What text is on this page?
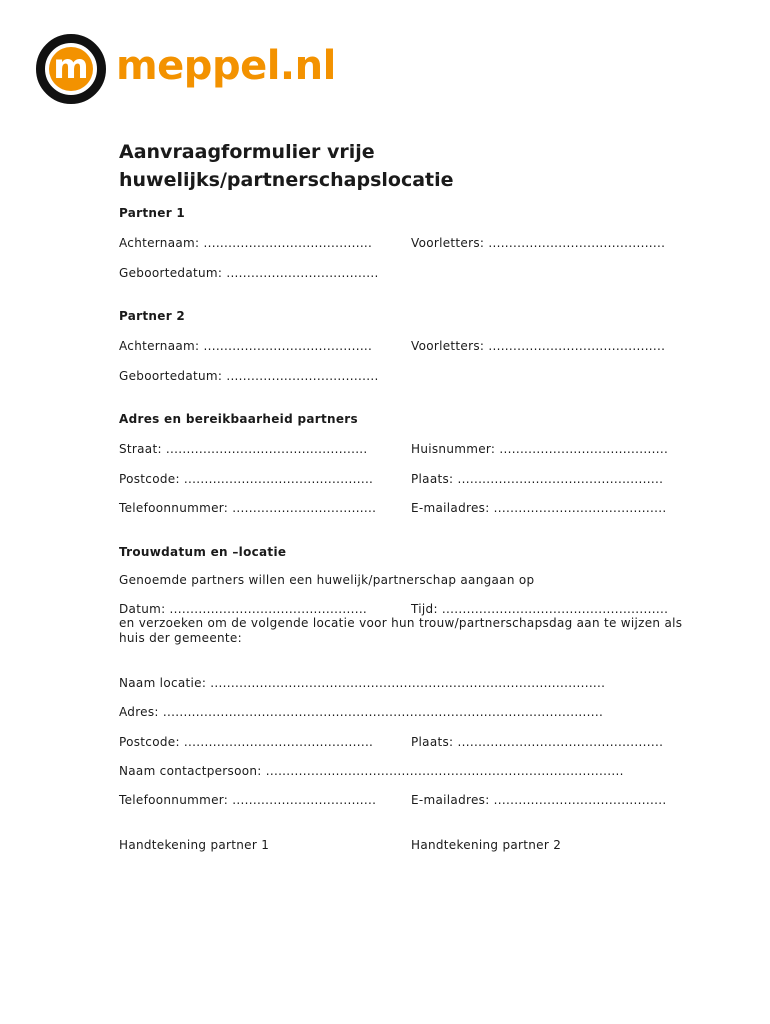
m meppel.nl
Aanvraagformulier vrije
huwelijks/partnerschapslocatie
Partner 1
Achternaam: .........................................	Voorletters: ...........................................
Geboortedatum: .....................................
Partner 2
Achternaam: .........................................	Voorletters: ...........................................
Geboortedatum: .....................................
Adres en bereikbaarheid partners
Straat: .................................................	Huisnummer: .........................................
Postcode: ..............................................	Plaats: ..................................................
Telefoonnummer: ...................................	E-mailadres: ..........................................
Trouwdatum en –locatie
Genoemde partners willen een huwelijk/partnerschap aangaan op
Datum: ................................................	Tijd: .......................................................
en verzoeken om de volgende locatie voor hun trouw/partnerschapsdag aan te wijzen als huis der gemeente:
Naam locatie: ................................................................................................
Adres: ...........................................................................................................
Postcode: ..............................................	Plaats: ..................................................
Naam contactpersoon: .......................................................................................
Telefoonnummer: ...................................	E-mailadres: ..........................................
Handtekening partner 1	Handtekening partner 2
